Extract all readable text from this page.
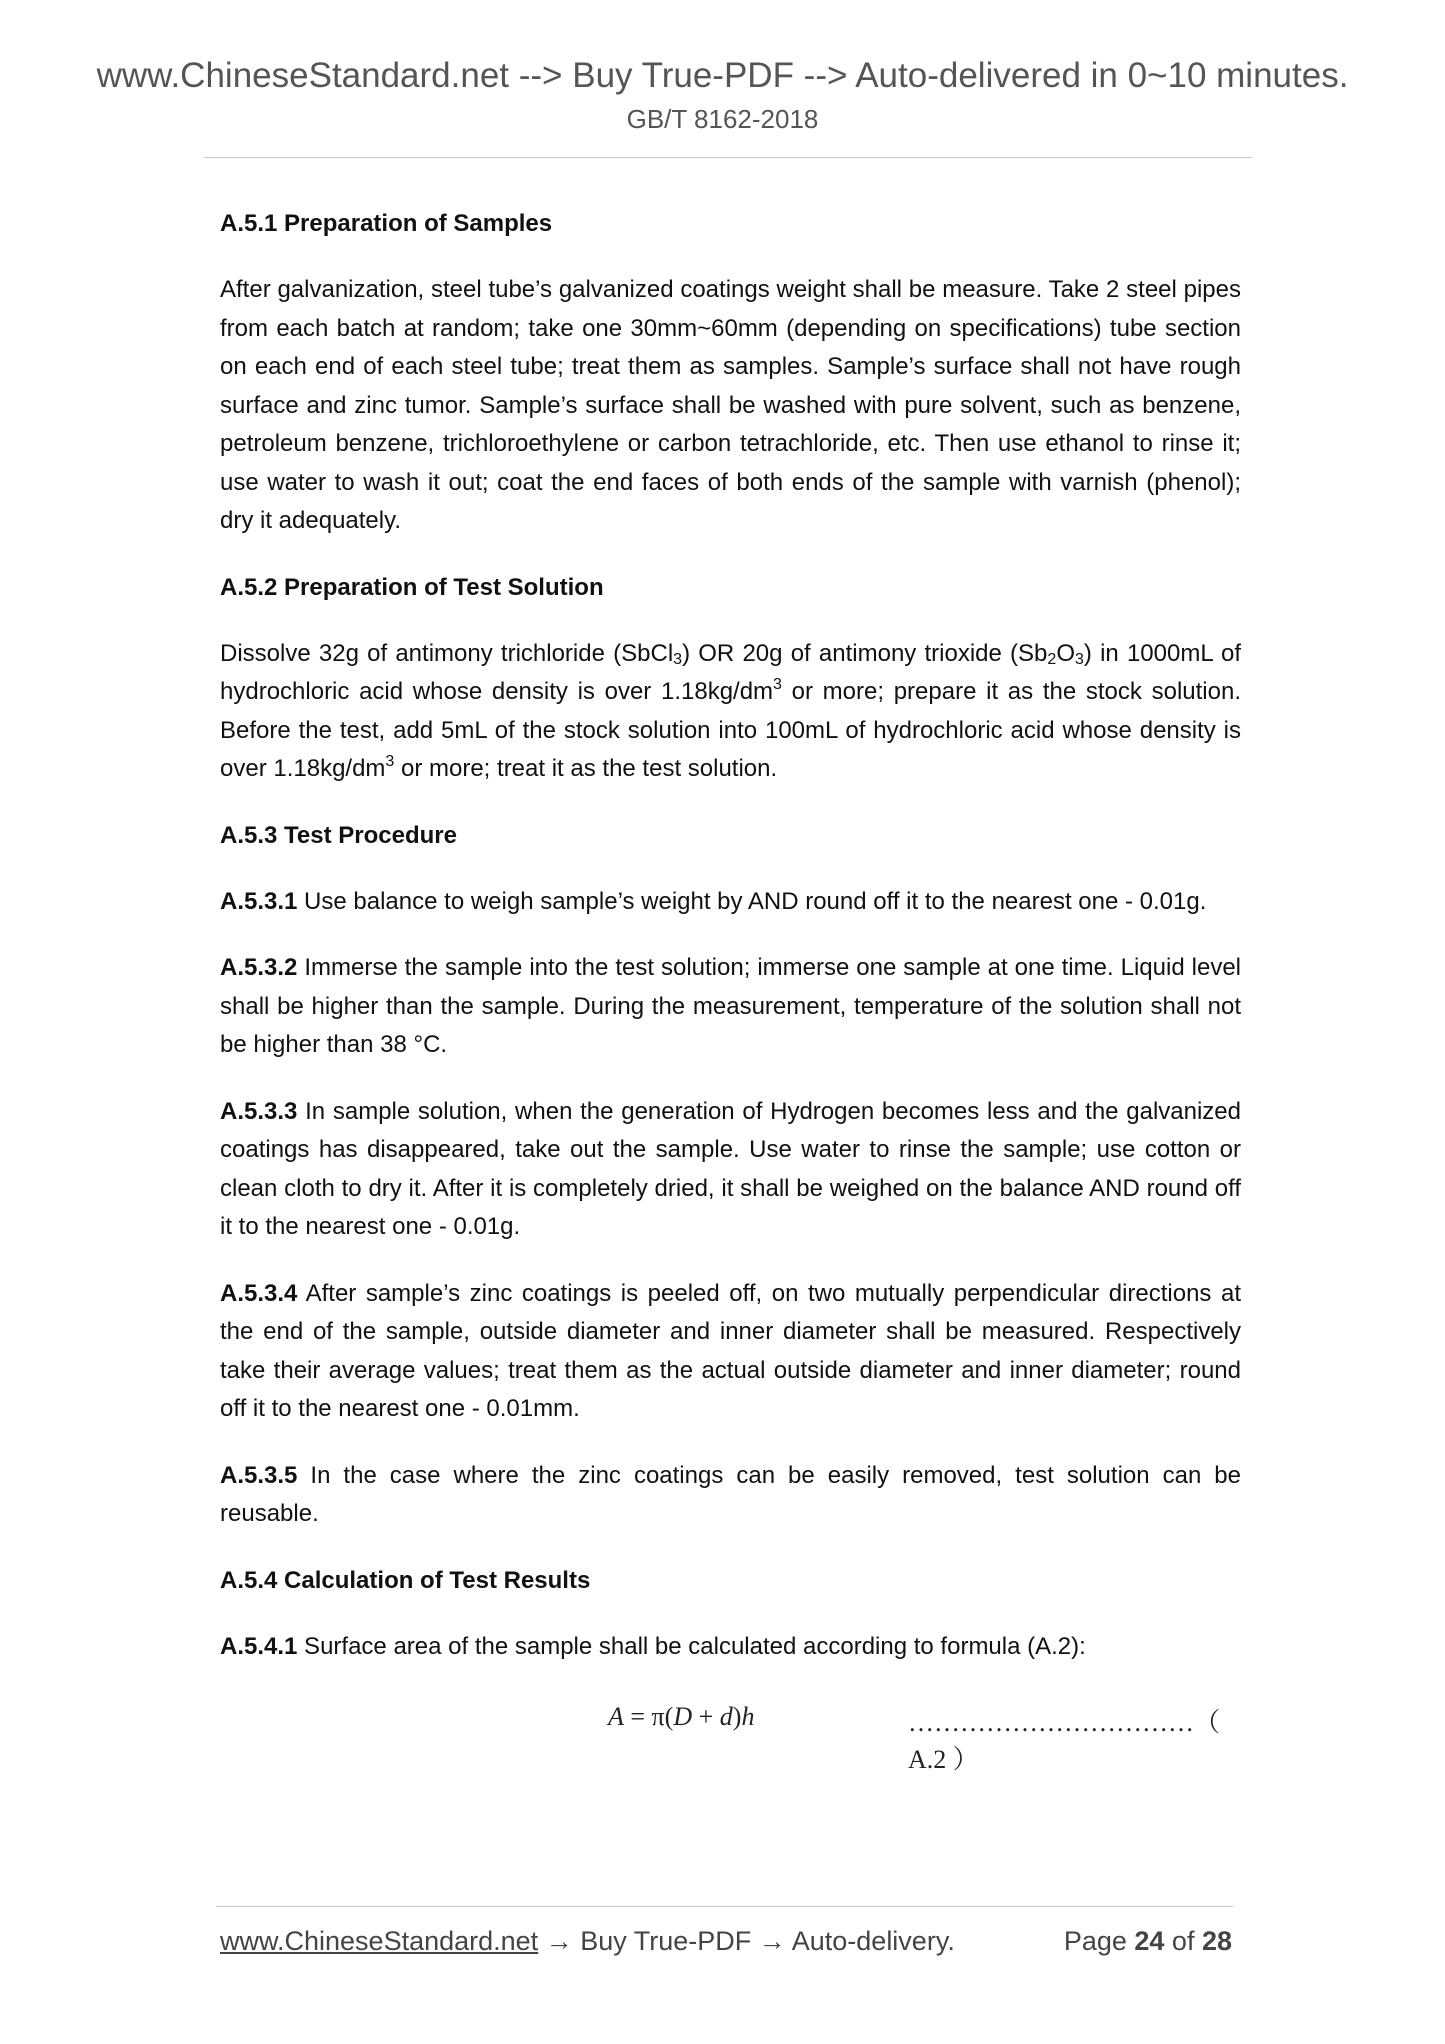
www.ChineseStandard.net --> Buy True-PDF --> Auto-delivered in 0~10 minutes.
GB/T 8162-2018
A.5.1 Preparation of Samples
After galvanization, steel tube’s galvanized coatings weight shall be measure. Take 2 steel pipes from each batch at random; take one 30mm~60mm (depending on specifications) tube section on each end of each steel tube; treat them as samples. Sample’s surface shall not have rough surface and zinc tumor. Sample’s surface shall be washed with pure solvent, such as benzene, petroleum benzene, trichloroethylene or carbon tetrachloride, etc. Then use ethanol to rinse it; use water to wash it out; coat the end faces of both ends of the sample with varnish (phenol); dry it adequately.
A.5.2 Preparation of Test Solution
Dissolve 32g of antimony trichloride (SbCl$_3$) OR 20g of antimony trioxide $(Sb_2O_3)$ in 1000mL of hydrochloric acid whose density is over $1.18kg/dm^3$ or more; prepare it as the stock solution. Before the test, add 5mL of the stock solution into 100mL of hydrochloric acid whose density is over $1.18kg/dm^3$ or more; treat it as the test solution.
A.5.3 Test Procedure
A.5.3.1 Use balance to weigh sample’s weight by AND round off it to the nearest one - 0.01g.
A.5.3.2 Immerse the sample into the test solution; immerse one sample at one time. Liquid level shall be higher than the sample. During the measurement, temperature of the solution shall not be higher than 38 °C.
A.5.3.3 In sample solution, when the generation of Hydrogen becomes less and the galvanized coatings has disappeared, take out the sample. Use water to rinse the sample; use cotton or clean cloth to dry it. After it is completely dried, it shall be weighed on the balance AND round off it to the nearest one - 0.01g.
A.5.3.4 After sample’s zinc coatings is peeled off, on two mutually perpendicular directions at the end of the sample, outside diameter and inner diameter shall be measured. Respectively take their average values; treat them as the actual outside diameter and inner diameter; round off it to the nearest one - 0.01mm.
A.5.3.5 In the case where the zinc coatings can be easily removed, test solution can be reusable.
A.5.4 Calculation of Test Results
A.5.4.1 Surface area of the sample shall be calculated according to formula (A.2):
A = π(D + d)h	……………………………（ A.2 ）
www.ChineseStandard.net → Buy True-PDF → Auto-delivery.	Page 24 of 28
